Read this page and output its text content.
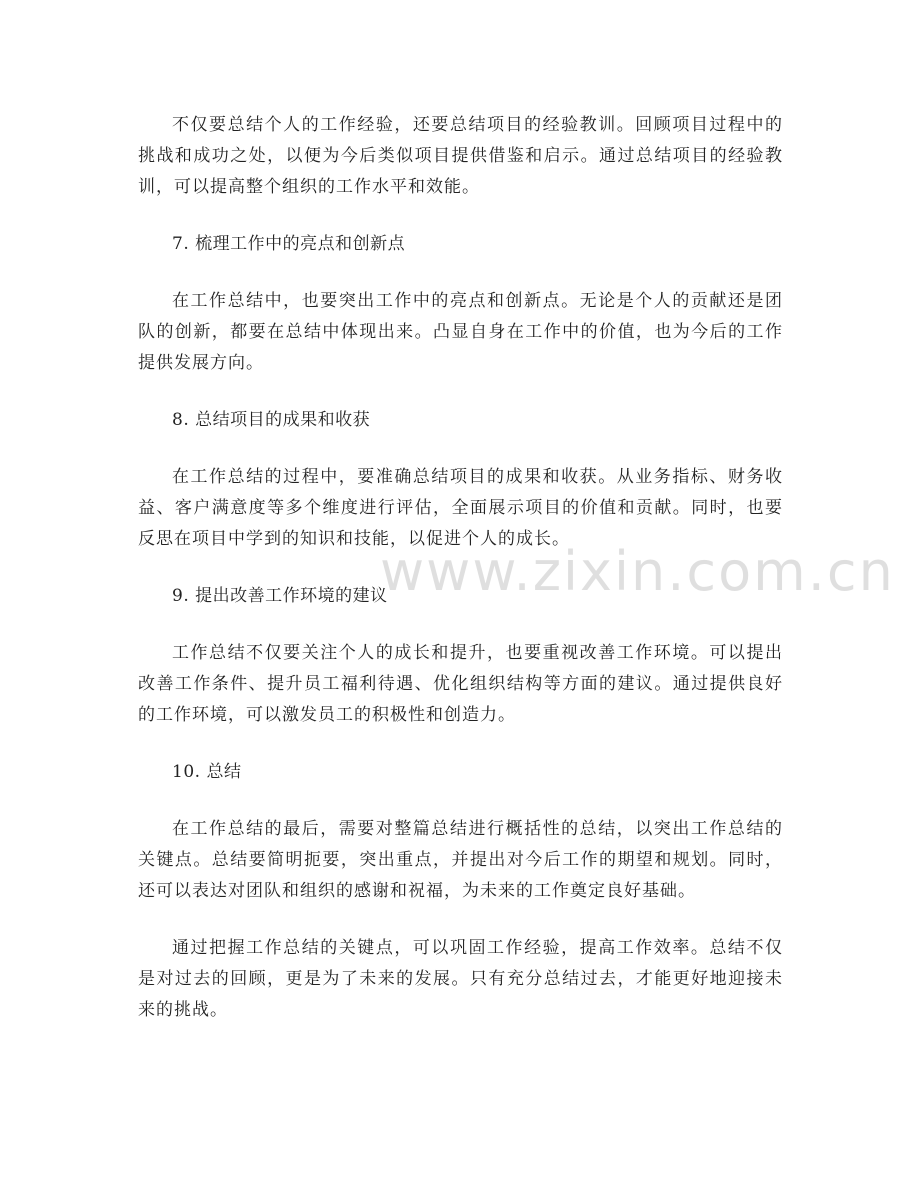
不仅要总结个人的工作经验，还要总结项目的经验教训。回顾项目过程中的挑战和成功之处，以便为今后类似项目提供借鉴和启示。通过总结项目的经验教训，可以提高整个组织的工作水平和效能。

7. 梳理工作中的亮点和创新点

在工作总结中，也要突出工作中的亮点和创新点。无论是个人的贡献还是团队的创新，都要在总结中体现出来。凸显自身在工作中的价值，也为今后的工作提供发展方向。

8. 总结项目的成果和收获

在工作总结的过程中，要准确总结项目的成果和收获。从业务指标、财务收益、客户满意度等多个维度进行评估，全面展示项目的价值和贡献。同时，也要反思在项目中学到的知识和技能，以促进个人的成长。

9. 提出改善工作环境的建议

工作总结不仅要关注个人的成长和提升，也要重视改善工作环境。可以提出改善工作条件、提升员工福利待遇、优化组织结构等方面的建议。通过提供良好的工作环境，可以激发员工的积极性和创造力。

10. 总结

在工作总结的最后，需要对整篇总结进行概括性的总结，以突出工作总结的关键点。总结要简明扼要，突出重点，并提出对今后工作的期望和规划。同时，还可以表达对团队和组织的感谢和祝福，为未来的工作奠定良好基础。

通过把握工作总结的关键点，可以巩固工作经验，提高工作效率。总结不仅是对过去的回顾，更是为了未来的发展。只有充分总结过去，才能更好地迎接未来的挑战。

www.zixin.com.cn
